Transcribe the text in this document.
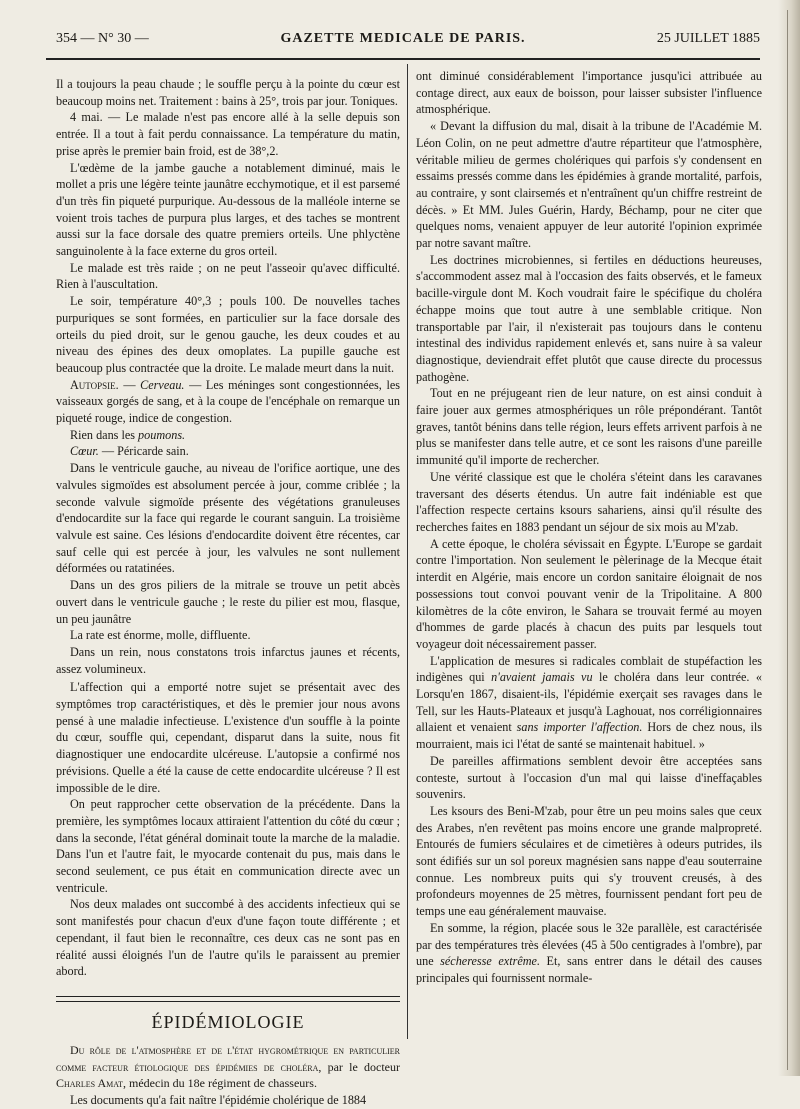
354 — N° 30 —	GAZETTE MEDICALE DE PARIS.	25 JUILLET 1885

Il a toujours la peau chaude ; le souffle perçu à la pointe du cœur est beaucoup moins net. Traitement : bains à 25°, trois par jour. Toniques.

4 mai. — Le malade n'est pas encore allé à la selle depuis son entrée. Il a tout à fait perdu connaissance. La température du matin, prise après le premier bain froid, est de 38°,2.

L'œdème de la jambe gauche a notablement diminué, mais le mollet a pris une légère teinte jaunâtre ecchymotique, et il est parsemé d'un très fin piqueté purpurique. Au-dessous de la malléole interne se voient trois taches de purpura plus larges, et des taches se montrent aussi sur la face dorsale des quatre premiers orteils. Une phlyctène sanguinolente à la face externe du gros orteil.

Le malade est très raide ; on ne peut l'asseoir qu'avec difficulté. Rien à l'auscultation.

Le soir, température 40°,3 ; pouls 100. De nouvelles taches purpuriques se sont formées, en particulier sur la face dorsale des orteils du pied droit, sur le genou gauche, les deux coudes et au niveau des épines des deux omoplates. La pupille gauche est beaucoup plus contractée que la droite. Le malade meurt dans la nuit.

Autopsie. — Cerveau. — Les méninges sont congestionnées, les vaisseaux gorgés de sang, et à la coupe de l'encéphale on remarque un piqueté rouge, indice de congestion.

Rien dans les poumons.

Cœur. — Péricarde sain.

Dans le ventricule gauche, au niveau de l'orifice aortique, une des valvules sigmoïdes est absolument percée à jour, comme criblée ; la seconde valvule sigmoïde présente des végétations granuleuses d'endocardite sur la face qui regarde le courant sanguin. La troisième valvule est saine. Ces lésions d'endocardite doivent être récentes, car sauf celle qui est percée à jour, les valvules ne sont nullement déformées ou ratatinées.

Dans un des gros piliers de la mitrale se trouve un petit abcès ouvert dans le ventricule gauche ; le reste du pilier est mou, flasque, un peu jaunâtre

La rate est énorme, molle, diffluente.

Dans un rein, nous constatons trois infarctus jaunes et récents, assez volumineux.

L'affection qui a emporté notre sujet se présentait avec des symptômes trop caractéristiques, et dès le premier jour nous avons pensé à une maladie infectieuse. L'existence d'un souffle à la pointe du cœur, souffle qui, cependant, disparut dans la suite, nous fit diagnostiquer une endocardite ulcéreuse. L'autopsie a confirmé nos prévisions. Quelle a été la cause de cette endocardite ulcéreuse ? Il est impossible de le dire.

On peut rapprocher cette observation de la précédente. Dans la première, les symptômes locaux attiraient l'attention du côté du cœur ; dans la seconde, l'état général dominait toute la marche de la maladie. Dans l'un et l'autre fait, le myocarde contenait du pus, mais dans le second seulement, ce pus était en communication directe avec un ventricule.

Nos deux malades ont succombé à des accidents infectieux qui se sont manifestés pour chacun d'eux d'une façon toute différente ; et cependant, il faut bien le reconnaître, ces deux cas ne sont pas en réalité aussi éloignés l'un de l'autre qu'ils le paraissent au premier abord.

ÉPIDÉMIOLOGIE

Du rôle de l'atmosphère et de l'état hygrométrique en particulier comme facteur étiologique des épidémies de choléra, par le docteur Charles Amat, médecin du 18e régiment de chasseurs.

Les documents qu'a fait naître l'épidémie cholérique de 1884

ont diminué considérablement l'importance jusqu'ici attribuée au contage direct, aux eaux de boisson, pour laisser subsister l'influence atmosphérique.

« Devant la diffusion du mal, disait à la tribune de l'Académie M. Léon Colin, on ne peut admettre d'autre répartiteur que l'atmosphère, véritable milieu de germes cholériques qui parfois s'y condensent en essaims pressés comme dans les épidémies à grande mortalité, parfois, au contraire, y sont clairsemés et n'entraînent qu'un chiffre restreint de décès. » Et MM. Jules Guérin, Hardy, Béchamp, pour ne citer que quelques noms, venaient appuyer de leur autorité l'opinion exprimée par notre savant maître.

Les doctrines microbiennes, si fertiles en déductions heureuses, s'accommodent assez mal à l'occasion des faits observés, et le fameux bacille-virgule dont M. Koch voudrait faire le spécifique du choléra échappe moins que tout autre à une semblable critique. Non transportable par l'air, il n'existerait pas toujours dans le contenu intestinal des individus rapidement enlevés et, sans nuire à sa valeur diagnostique, deviendrait effet plutôt que cause directe du processus pathogène.

Tout en ne préjugeant rien de leur nature, on est ainsi conduit à faire jouer aux germes atmosphériques un rôle prépondérant. Tantôt graves, tantôt bénins dans telle région, leurs effets arrivent parfois à ne plus se manifester dans telle autre, et ce sont les raisons d'une pareille immunité qu'il importe de rechercher.

Une vérité classique est que le choléra s'éteint dans les caravanes traversant des déserts étendus. Un autre fait indéniable est que l'affection respecte certains ksours sahariens, ainsi qu'il résulte des recherches faites en 1883 pendant un séjour de six mois au M'zab.

A cette époque, le choléra sévissait en Égypte. L'Europe se gardait contre l'importation. Non seulement le pèlerinage de la Mecque était interdit en Algérie, mais encore un cordon sanitaire éloignait de nos possessions tout convoi pouvant venir de la Tripolitaine. A 800 kilomètres de la côte environ, le Sahara se trouvait fermé au moyen d'hommes de garde placés à chacun des puits par lesquels tout voyageur doit nécessairement passer.

L'application de mesures si radicales comblait de stupéfaction les indigènes qui n'avaient jamais vu le choléra dans leur contrée. « Lorsqu'en 1867, disaient-ils, l'épidémie exerçait ses ravages dans le Tell, sur les Hauts-Plateaux et jusqu'à Laghouat, nos corréligionnaires allaient et venaient sans importer l'affection. Hors de chez nous, ils mourraient, mais ici l'état de santé se maintenait habituel. »

De pareilles affirmations semblent devoir être acceptées sans conteste, surtout à l'occasion d'un mal qui laisse d'ineffaçables souvenirs.

Les ksours des Beni-M'zab, pour être un peu moins sales que ceux des Arabes, n'en revêtent pas moins encore une grande malpropreté. Entourés de fumiers séculaires et de cimetières à odeurs putrides, ils sont édifiés sur un sol poreux magnésien sans nappe d'eau souterraine connue. Les nombreux puits qui s'y trouvent creusés, à des profondeurs moyennes de 25 mètres, fournissent pendant fort peu de temps une eau généralement mauvaise.

En somme, la région, placée sous le 32e parallèle, est caractérisée par des températures très élevées (45 à 50o centigrades à l'ombre), par une sécheresse extrême. Et, sans entrer dans le détail des causes principales qui fournissent normale-
